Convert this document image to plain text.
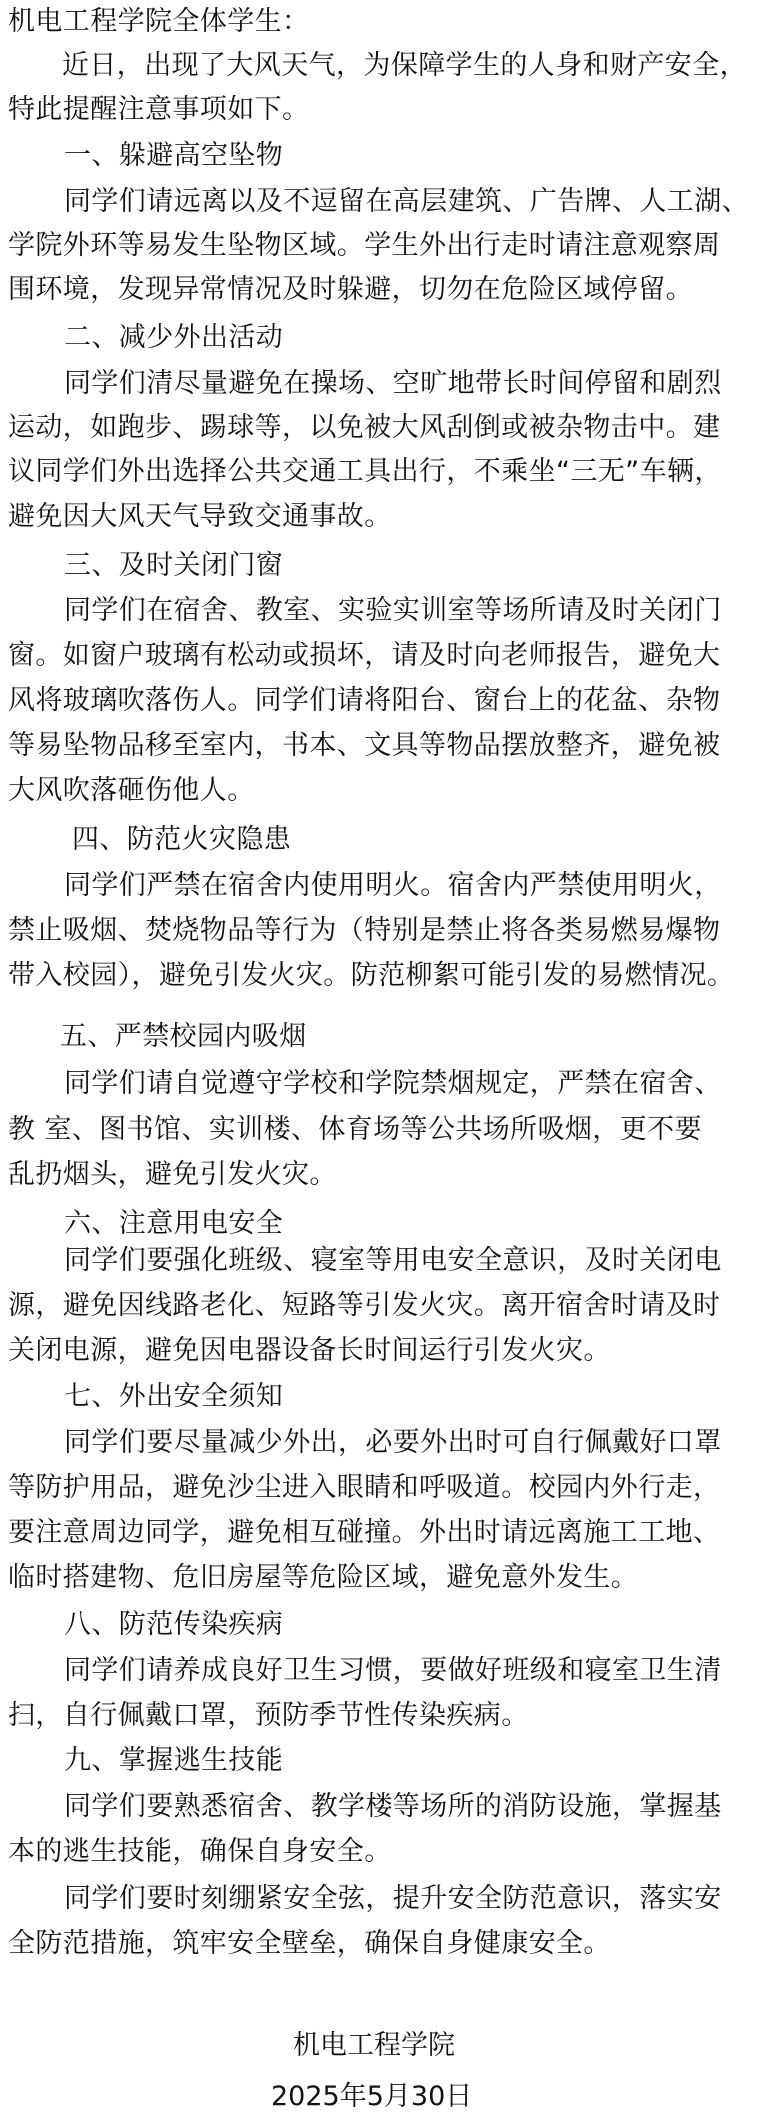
机电工程学院全体学生：
近日，出现了大风天气，为保障学生的人身和财产安全，
特此提醒注意事项如下。
一、躲避高空坠物
同学们请远离以及不逗留在高层建筑、广告牌、人工湖、
学院外环等易发生坠物区域。学生外出行走时请注意观察周
围环境，发现异常情况及时躲避，切勿在危险区域停留。
二、减少外出活动
同学们清尽量避免在操场、空旷地带长时间停留和剧烈
运动，如跑步、踢球等，以免被大风刮倒或被杂物击中。建
议同学们外出选择公共交通工具出行，不乘坐“三无”车辆，
避免因大风天气导致交通事故。
三、及时关闭门窗
同学们在宿舍、教室、实验实训室等场所请及时关闭门
窗。如窗户玻璃有松动或损坏，请及时向老师报告，避免大
风将玻璃吹落伤人。同学们请将阳台、窗台上的花盆、杂物
等易坠物品移至室内，书本、文具等物品摆放整齐，避免被
大风吹落砸伤他人。
四、防范火灾隐患
同学们严禁在宿舍内使用明火。宿舍内严禁使用明火，
禁止吸烟、焚烧物品等行为（特别是禁止将各类易燃易爆物
带入校园），避免引发火灾。防范柳絮可能引发的易燃情况。
五、严禁校园内吸烟
同学们请自觉遵守学校和学院禁烟规定，严禁在宿舍、
教 室、图书馆、实训楼、体育场等公共场所吸烟，更不要
乱扔烟头，避免引发火灾。
六、注意用电安全
同学们要强化班级、寝室等用电安全意识，及时关闭电
源，避免因线路老化、短路等引发火灾。离开宿舍时请及时
关闭电源，避免因电器设备长时间运行引发火灾。
七、外出安全须知
同学们要尽量减少外出，必要外出时可自行佩戴好口罩
等防护用品，避免沙尘进入眼睛和呼吸道。校园内外行走，
要注意周边同学，避免相互碰撞。外出时请远离施工工地、
临时搭建物、危旧房屋等危险区域，避免意外发生。
八、防范传染疾病
同学们请养成良好卫生习惯，要做好班级和寝室卫生清
扫，自行佩戴口罩，预防季节性传染疾病。
九、掌握逃生技能
同学们要熟悉宿舍、教学楼等场所的消防设施，掌握基
本的逃生技能，确保自身安全。
同学们要时刻绷紧安全弦，提升安全防范意识，落实安
全防范措施，筑牢安全壁垒，确保自身健康安全。
机电工程学院
2025年5月30日
